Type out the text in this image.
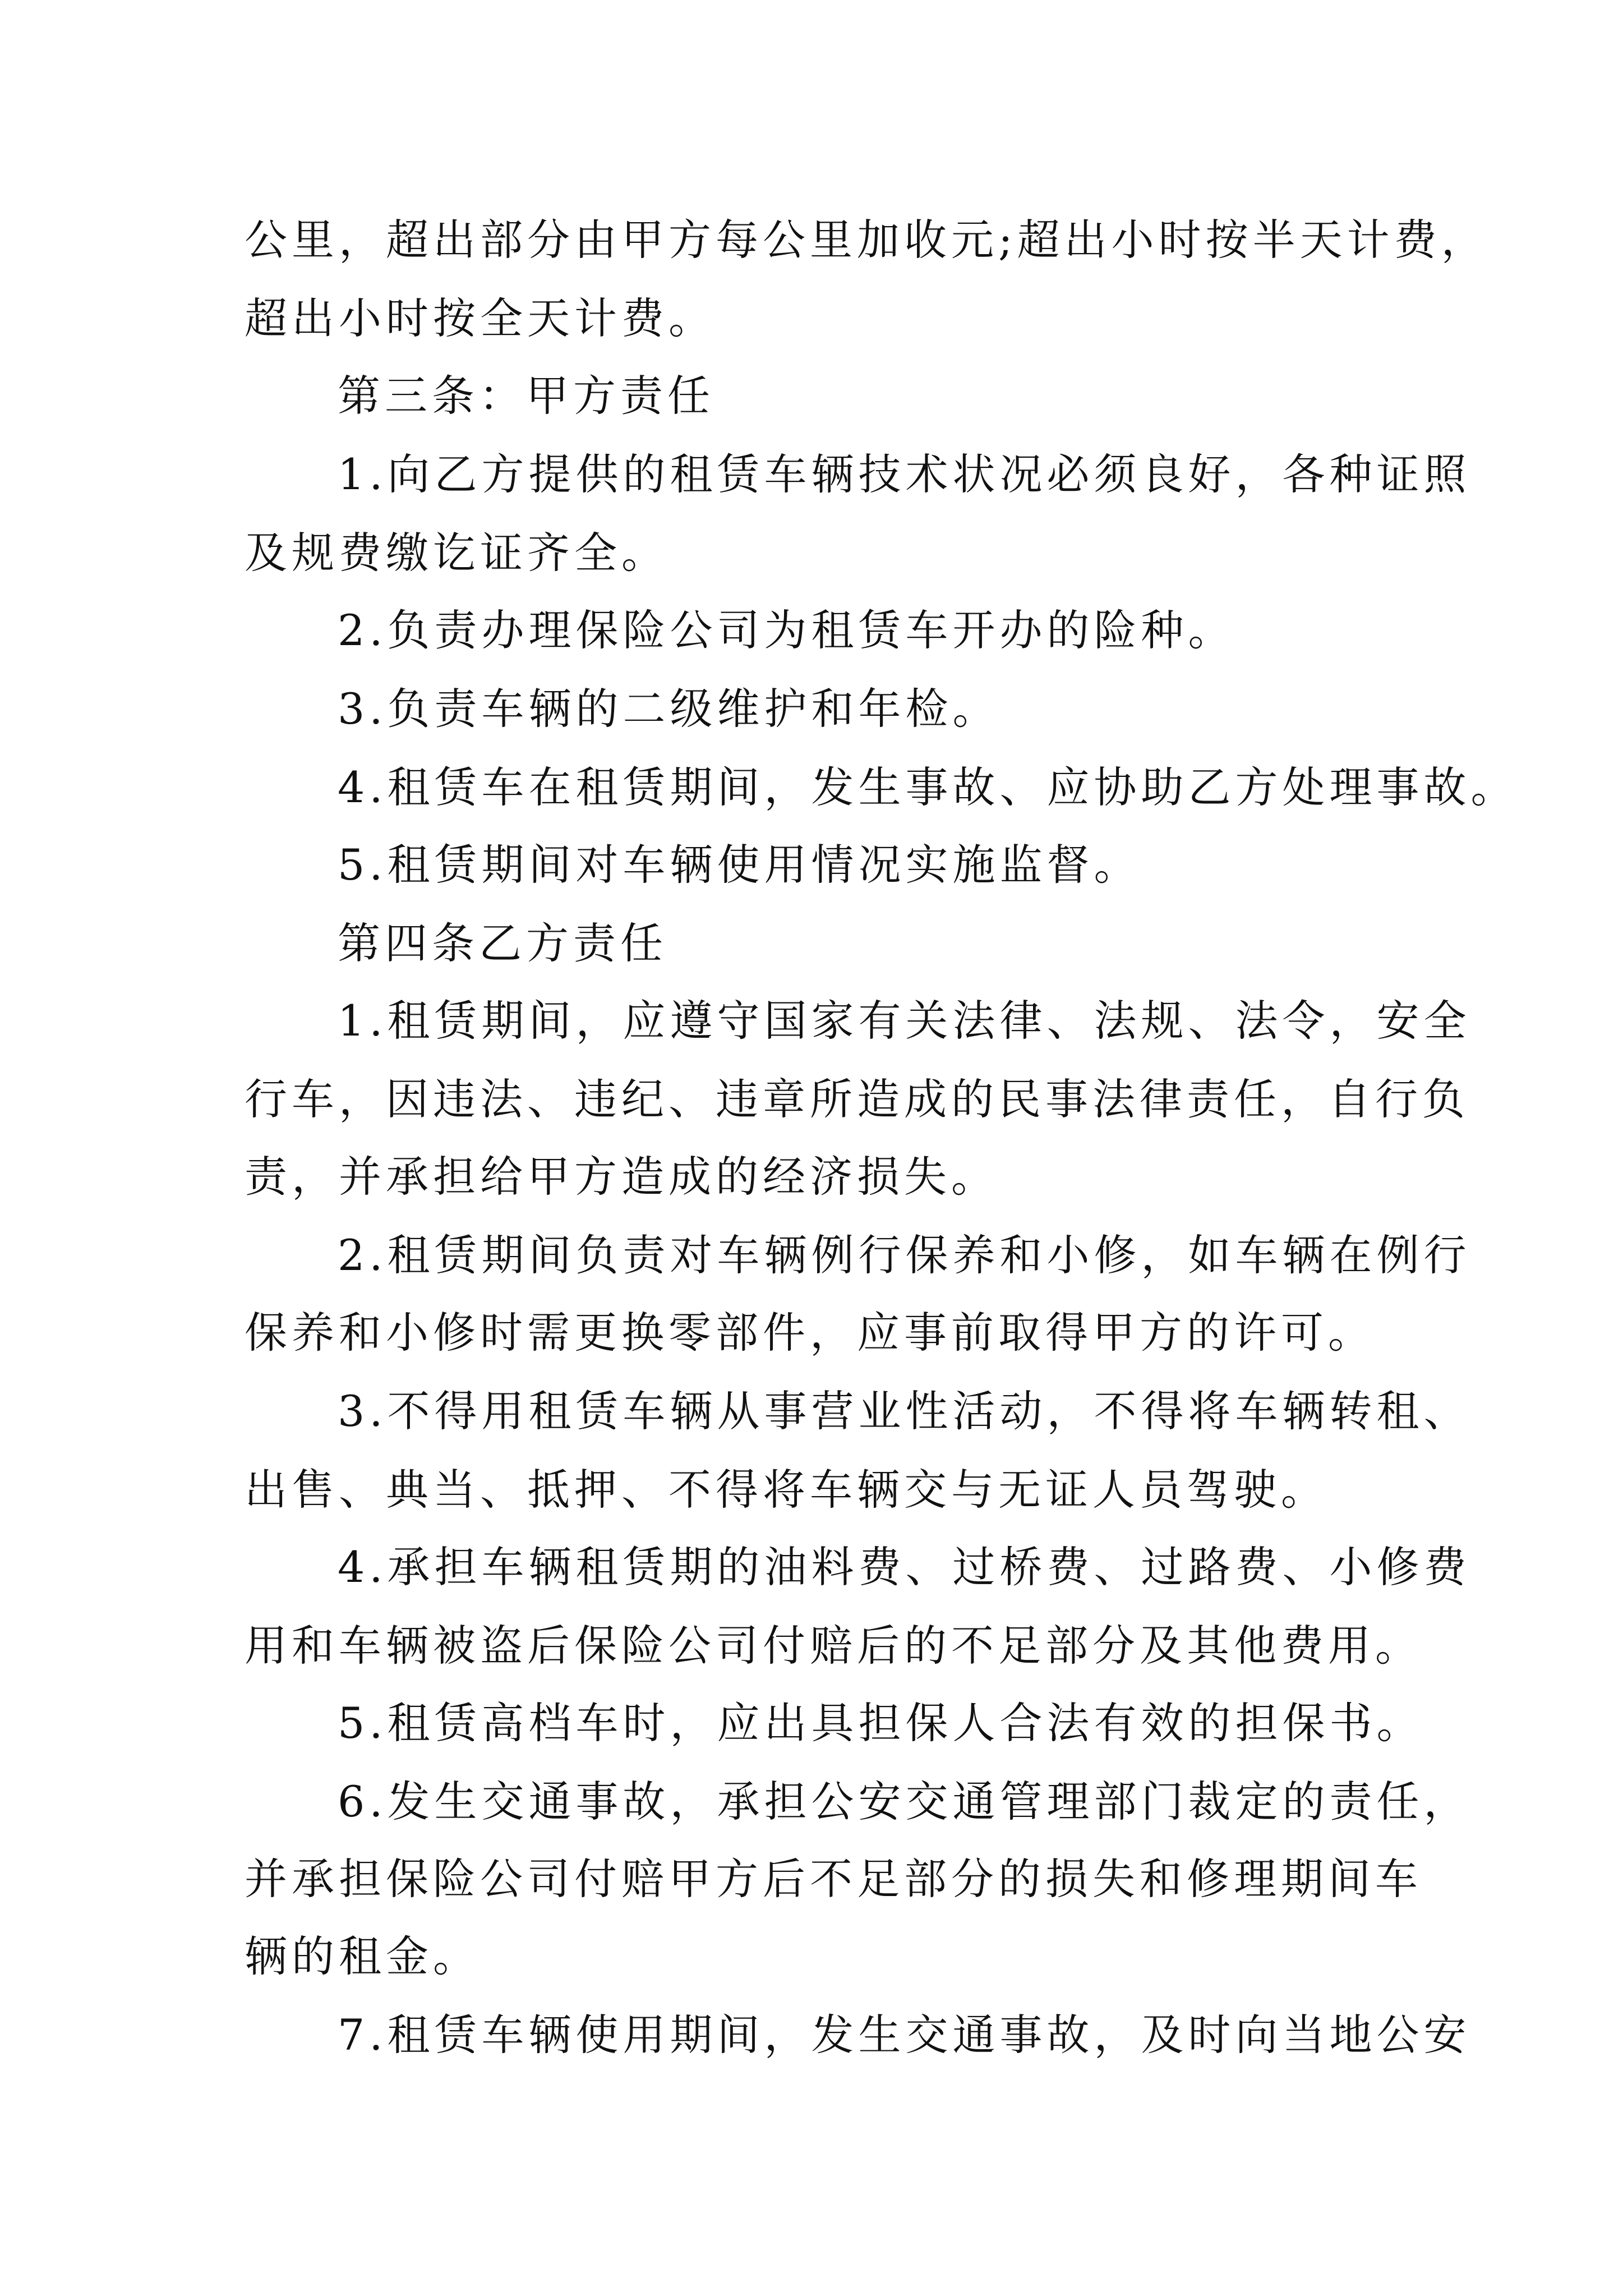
公里，超出部分由甲方每公里加收元;超出小时按半天计费，
超出小时按全天计费。
第三条：甲方责任
1.向乙方提供的租赁车辆技术状况必须良好，各种证照
及规费缴讫证齐全。
2.负责办理保险公司为租赁车开办的险种。
3.负责车辆的二级维护和年检。
4.租赁车在租赁期间，发生事故、应协助乙方处理事故。
5.租赁期间对车辆使用情况实施监督。
第四条乙方责任
1.租赁期间，应遵守国家有关法律、法规、法令，安全
行车，因违法、违纪、违章所造成的民事法律责任，自行负
责，并承担给甲方造成的经济损失。
2.租赁期间负责对车辆例行保养和小修，如车辆在例行
保养和小修时需更换零部件，应事前取得甲方的许可。
3.不得用租赁车辆从事营业性活动，不得将车辆转租、
出售、典当、抵押、不得将车辆交与无证人员驾驶。
4.承担车辆租赁期的油料费、过桥费、过路费、小修费
用和车辆被盗后保险公司付赔后的不足部分及其他费用。
5.租赁高档车时，应出具担保人合法有效的担保书。
6.发生交通事故，承担公安交通管理部门裁定的责任，
并承担保险公司付赔甲方后不足部分的损失和修理期间车
辆的租金。
7.租赁车辆使用期间，发生交通事故，及时向当地公安
